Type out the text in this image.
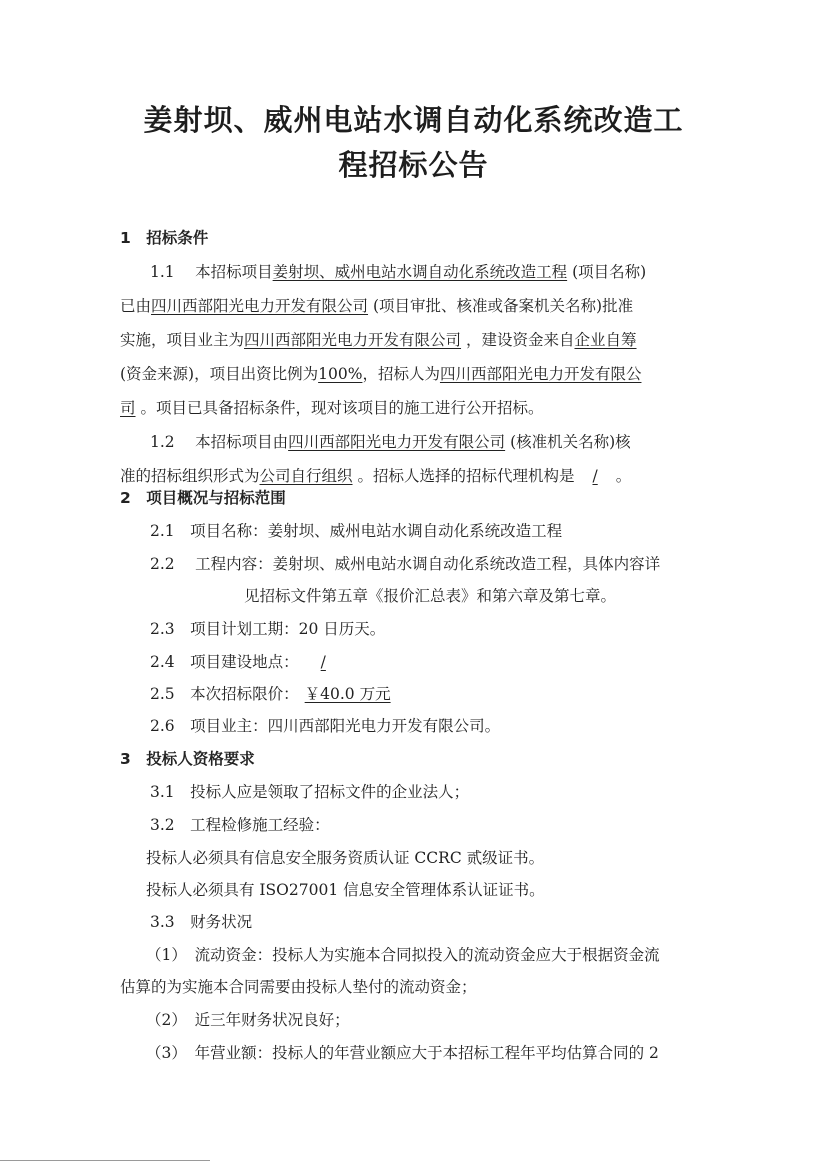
姜射坝、威州电站水调自动化系统改造工
程招标公告
1　招标条件
1.1　 本招标项目姜射坝、威州电站水调自动化系统改造工程 (项目名称)
已由四川西部阳光电力开发有限公司 (项目审批、核准或备案机关名称)批准
实施，项目业主为四川西部阳光电力开发有限公司 ，建设资金来自企业自筹
(资金来源)，项目出资比例为100%，招标人为四川西部阳光电力开发有限公
司 。项目已具备招标条件，现对该项目的施工进行公开招标。
1.2　 本招标项目由四川西部阳光电力开发有限公司 (核准机关名称)核
准的招标组织形式为公司自行组织 。招标人选择的招标代理机构是 / 。
2　项目概况与招标范围
2.1　项目名称：姜射坝、威州电站水调自动化系统改造工程
2.2　 工程内容：姜射坝、威州电站水调自动化系统改造工程，具体内容详
见招标文件第五章《报价汇总表》和第六章及第七章。
2.3　项目计划工期：20 日历天。
2.4　项目建设地点： /
2.5　本次招标限价： ￥40.0 万元
2.6　项目业主：四川西部阳光电力开发有限公司。
3　投标人资格要求
3.1　投标人应是领取了招标文件的企业法人；
3.2　工程检修施工经验：
投标人必须具有信息安全服务资质认证 CCRC 贰级证书。
投标人必须具有 ISO27001 信息安全管理体系认证证书。
3.3　财务状况
（1）　流动资金：投标人为实施本合同拟投入的流动资金应大于根据资金流
估算的为实施本合同需要由投标人垫付的流动资金；
（2）　近三年财务状况良好；
（3）　年营业额：投标人的年营业额应大于本招标工程年平均估算合同的 2
